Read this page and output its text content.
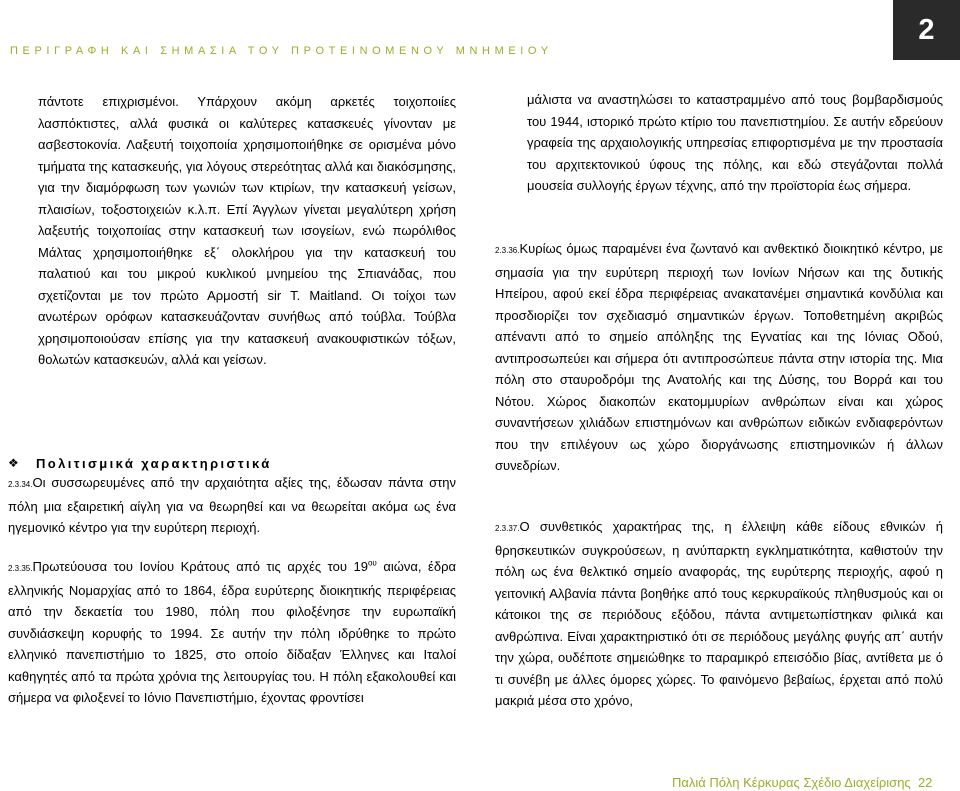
ΠΕΡΙΓΡΑΦΗ ΚΑΙ ΣΗΜΑΣΙΑ ΤΟΥ ΠΡΟΤΕΙΝΟΜΕΝΟΥ ΜΝΗΜΕΙΟΥ
2

πάντοτε επιχρισμένοι. Υπάρχουν ακόμη αρκετές τοιχοποιίες λασπόκτιστες, αλλά φυσικά οι καλύτερες κατασκευές γίνονταν με ασβεστοκονία. Λαξευτή τοιχοποιία χρησιμοποιήθηκε σε ορισμένα μόνο τμήματα της κατασκευής, για λόγους στερεότητας αλλά και διακόσμησης, για την διαμόρφωση των γωνιών των κτιρίων, την κατασκευή γείσων, πλαισίων, τοξοστοιχειών κ.λ.π. Επί Άγγλων γίνεται μεγαλύτερη χρήση λαξευτής τοιχοποιίας στην κατασκευή των ισογείων, ενώ πωρόλιθος Μάλτας χρησιμοποιήθηκε εξ΄ ολοκλήρου για την κατασκευή του παλατιού και του μικρού κυκλικού μνημείου της Σπιανάδας, που σχετίζονται με τον πρώτο Αρμοστή sir T. Maitland. Οι τοίχοι των ανωτέρων ορόφων κατασκευάζονταν συνήθως από τούβλα. Τούβλα χρησιμοποιούσαν επίσης για την κατασκευή ανακουφιστικών τόξων, θολωτών κατασκευών, αλλά και γείσων.

❖	Πολιτισμικά χαρακτηριστικά

2.3.34.Οι συσσωρευμένες από την αρχαιότητα αξίες της, έδωσαν πάντα στην πόλη μια εξαιρετική αίγλη για να θεωρηθεί και να θεωρείται ακόμα ως ένα ηγεμονικό κέντρο για την ευρύτερη περιοχή.

2.3.35.Πρωτεύουσα του Ιονίου Κράτους από τις αρχές του $19^{o\upsilon}$ αιώνα, έδρα ελληνικής Νομαρχίας από το 1864, έδρα ευρύτερης διοικητικής περιφέρειας από την δεκαετία του 1980, πόλη που φιλοξένησε την ευρωπαϊκή συνδιάσκεψη κορυφής το 1994. Σε αυτήν την πόλη ιδρύθηκε το πρώτο ελληνικό πανεπιστήμιο το 1825, στο οποίο δίδαξαν Έλληνες και Ιταλοί καθηγητές από τα πρώτα χρόνια της λειτουργίας του. Η πόλη εξακολουθεί και σήμερα να φιλοξενεί το Ιόνιο Πανεπιστήμιο, έχοντας φροντίσει

μάλιστα να αναστηλώσει το καταστραμμένο από τους βομβαρδισμούς του 1944, ιστορικό πρώτο κτίριο του πανεπιστημίου. Σε αυτήν εδρεύουν γραφεία της αρχαιολογικής υπηρεσίας επιφορτισμένα με την προστασία του αρχιτεκτονικού ύφους της πόλης, και εδώ στεγάζονται πολλά μουσεία συλλογής έργων τέχνης, από την προϊστορία έως σήμερα.

2.3.36.Κυρίως όμως παραμένει ένα ζωντανό και ανθεκτικό διοικητικό κέντρο, με σημασία για την ευρύτερη περιοχή των Ιονίων Νήσων και της δυτικής Ηπείρου, αφού εκεί έδρα περιφέρειας ανακατανέμει σημαντικά κονδύλια και προσδιορίζει τον σχεδιασμό σημαντικών έργων. Τοποθετημένη ακριβώς απέναντι από το σημείο απόληξης της Εγνατίας και της Ιόνιας Οδού, αντιπροσωπεύει και σήμερα ότι αντιπροσώπευε πάντα στην ιστορία της. Μια πόλη στο σταυροδρόμι της Ανατολής και της Δύσης, του Βορρά και του Νότου. Χώρος διακοπών εκατομμυρίων ανθρώπων είναι και χώρος συναντήσεων χιλιάδων επιστημόνων και ανθρώπων ειδικών ενδιαφερόντων που την επιλέγουν ως χώρο διοργάνωσης επιστημονικών ή άλλων συνεδρίων.

2.3.37.Ο συνθετικός χαρακτήρας της, η έλλειψη κάθε είδους εθνικών ή θρησκευτικών συγκρούσεων, η ανύπαρκτη εγκληματικότητα, καθιστούν την πόλη ως ένα θελκτικό σημείο αναφοράς, της ευρύτερης περιοχής, αφού η γειτονική Αλβανία πάντα βοηθήκε από τους κερκυραϊκούς πληθυσμούς και οι κάτοικοι της σε περιόδους εξόδου, πάντα αντιμετωπίστηκαν φιλικά και ανθρώπινα. Είναι χαρακτηριστικό ότι σε περιόδους μεγάλης φυγής απ΄ αυτήν την χώρα, ουδέποτε σημειώθηκε το παραμικρό επεισόδιο βίας, αντίθετα με ό τι συνέβη με άλλες όμορες χώρες. Το φαινόμενο βεβαίως, έρχεται από πολύ μακριά μέσα στο χρόνο,

Παλιά Πόλη Κέρκυρας Σχέδιο Διαχείρισης 22
